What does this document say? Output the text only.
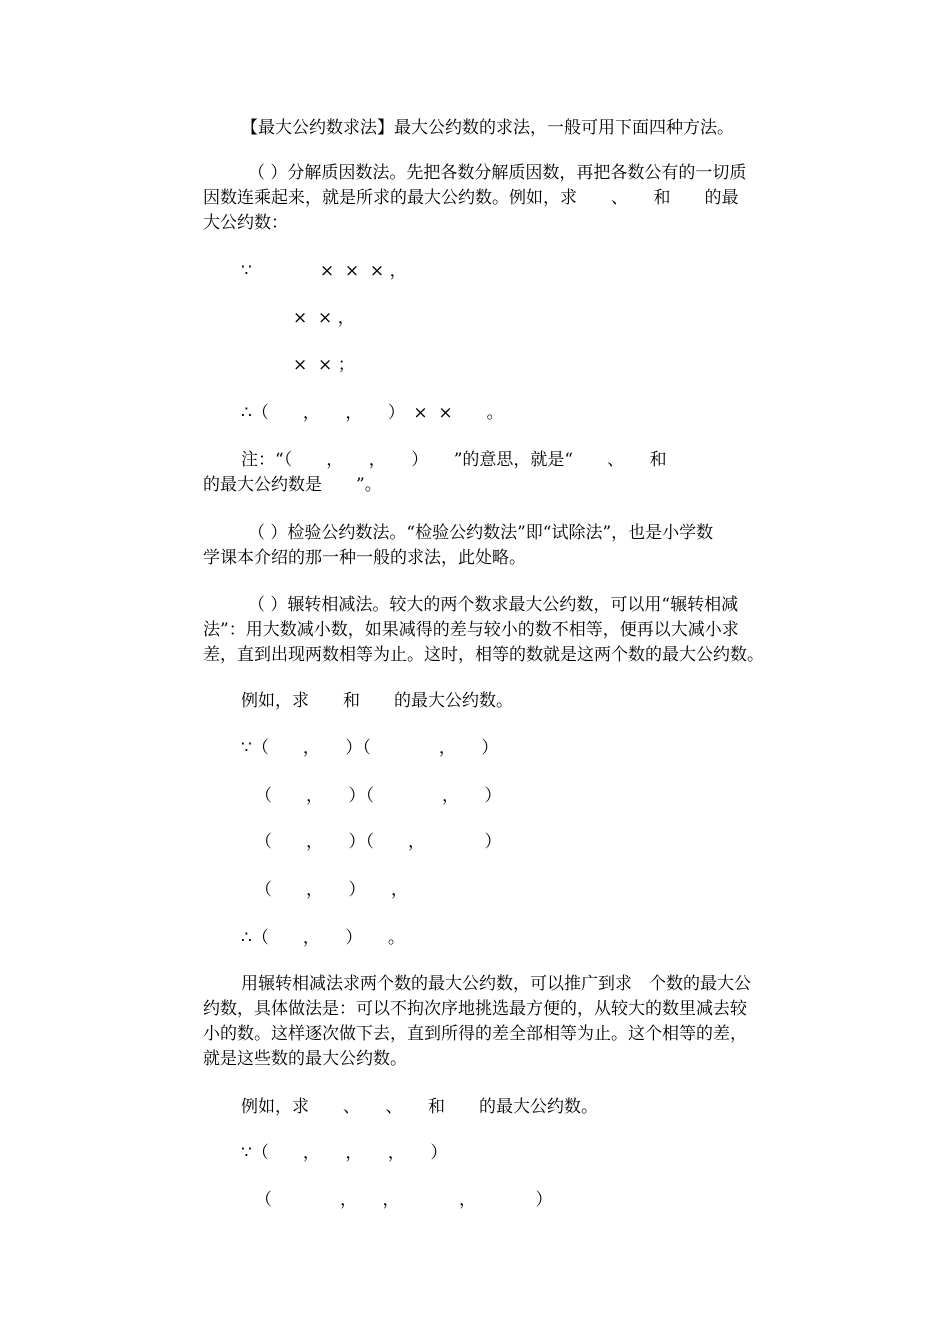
【最大公约数求法】最大公约数的求法，一般可用下面四种方法。

（ ）分解质因数法。先把各数分解质因数，再把各数公有的一切质

因数连乘起来，就是所求的最大公约数。例如，求　　、　　和　　的最

大公约数：

∵　　　　×  ×  × ，

×  × ，

×  × ；

∴（　　，　　，　　）　×  ×　　。

注：“（　　，　　，　　）　　”的意思，就是“　　、　　和

的最大公约数是　　”。

（ ）检验公约数法。“检验公约数法”即“试除法”，也是小学数

学课本介绍的那一种一般的求法，此处略。

（ ）辗转相减法。较大的两个数求最大公约数，可以用“辗转相减

法”：用大数减小数，如果减得的差与较小的数不相等，便再以大减小求

差，直到出现两数相等为止。这时，相等的数就是这两个数的最大公约数。

例如，求　　和　　的最大公约数。

∵（　　，　　）（　　　　，　　）

（　　，　　）（　　　　，　　）

（　　，　　）（　　，　　　　）

（　　，　　）　　，

∴（　　，　　）　　。

用辗转相减法求两个数的最大公约数，可以推广到求　个数的最大公

约数，具体做法是：可以不拘次序地挑选最方便的，从较大的数里减去较

小的数。这样逐次做下去，直到所得的差全部相等为止。这个相等的差，

就是这些数的最大公约数。

例如，求　　、　　、　　和　　的最大公约数。

∵（　　，　　，　　，　　）

（　　　　，　　，　　　　，　　　　）
